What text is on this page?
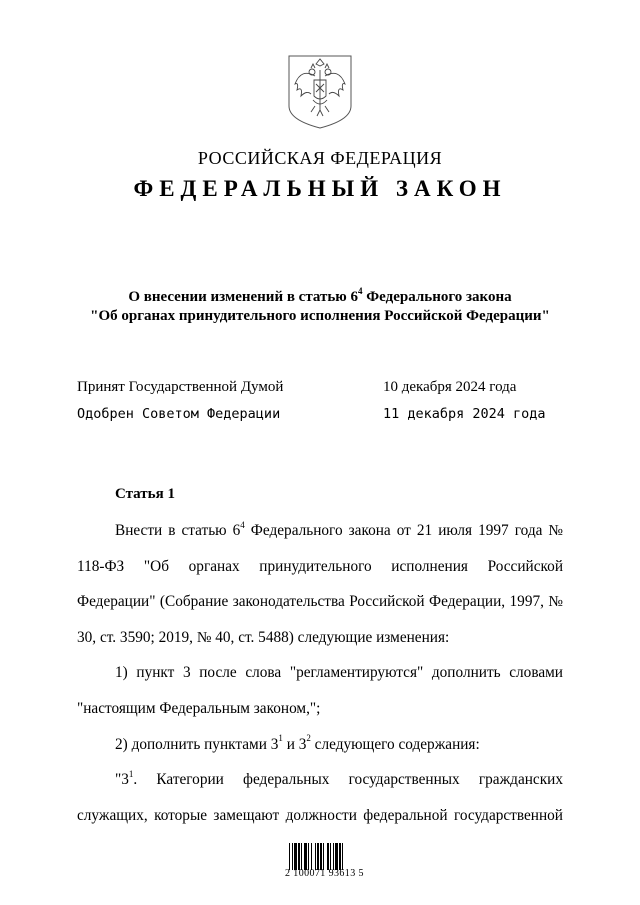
РОССИЙСКАЯ ФЕДЕРАЦИЯ
ФЕДЕРАЛЬНЫЙ ЗАКОН
О внесении изменений в статью $6^4$ Федерального закона
"Об органах принудительного исполнения Российской Федерации"
Принят Государственной Думой	10 декабря 2024 года
Одобрен Советом Федерации	11 декабря 2024 года
Статья 1

Внести в статью $6^4$ Федерального закона от 21 июля 1997 года № 118-ФЗ "Об органах принудительного исполнения Российской Федерации" (Собрание законодательства Российской Федерации, 1997, № 30, ст. 3590; 2019, № 40, ст. 5488) следующие изменения:

1) пункт 3 после слова "регламентируются" дополнить словами "настоящим Федеральным законом,";

2) дополнить пунктами $3^1$ и $3^2$ следующего содержания:

"$3^1$. Категории федеральных государственных гражданских служащих, которые замещают должности федеральной государственной

2 100071 93613 5
